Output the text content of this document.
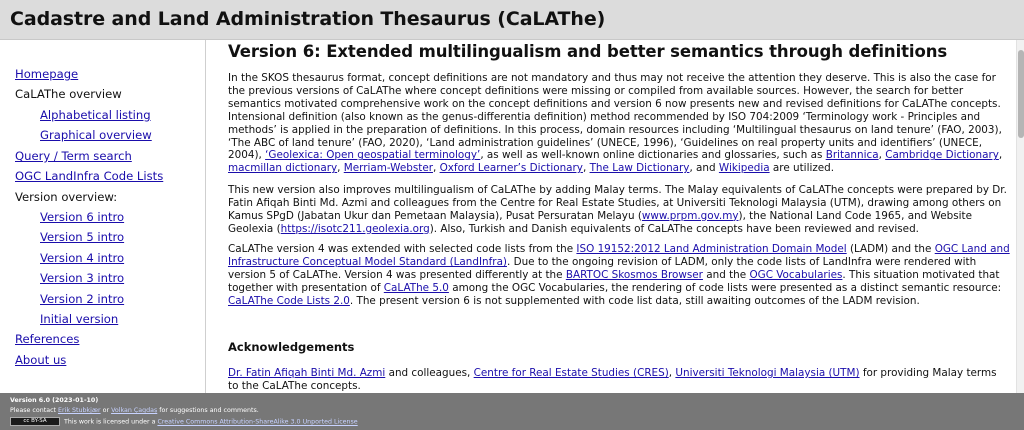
Cadastre and Land Administration Thesaurus (CaLAThe)
Homepage
CaLAThe overview
Alphabetical listing
Graphical overview
Query / Term search
OGC LandInfra Code Lists
Version overview:
Version 6 intro
Version 5 intro
Version 4 intro
Version 3 intro
Version 2 intro
Initial version
References
About us
Version 6: Extended multilingualism and better semantics through definitions

In the SKOS thesaurus format, concept definitions are not mandatory and thus may not receive the attention they deserve. This is also the case for the previous versions of CaLAThe where concept definitions were missing or compiled from available sources. However, the search for better semantics motivated comprehensive work on the concept definitions and version 6 now presents new and revised definitions for CaLAThe concepts. Intensional definition (also known as the genus-differentia definition) method recommended by ISO 704:2009 ‘Terminology work - Principles and methods’ is applied in the preparation of definitions. In this process, domain resources including ‘Multilingual thesaurus on land tenure’ (FAO, 2003), ‘The ABC of land tenure’ (FAO, 2020), ‘Land administration guidelines’ (UNECE, 1996), ‘Guidelines on real property units and identifiers’ (UNECE, 2004), ‘Geolexica: Open geospatial terminology’, as well as well-known online dictionaries and glossaries, such as Britannica, Cambridge Dictionary, macmillan dictionary, Merriam-Webster, Oxford Learner’s Dictionary, The Law Dictionary, and Wikipedia are utilized.

This new version also improves multilingualism of CaLAThe by adding Malay terms. The Malay equivalents of CaLAThe concepts were prepared by Dr. Fatin Afiqah Binti Md. Azmi and colleagues from the Centre for Real Estate Studies, at Universiti Teknologi Malaysia (UTM), drawing among others on Kamus SPgD (Jabatan Ukur dan Pemetaan Malaysia), Pusat Persuratan Melayu (www.prpm.gov.my), the National Land Code 1965, and Website Geolexia (https://isotc211.geolexia.org). Also, Turkish and Danish equivalents of CaLAThe concepts have been reviewed and revised.

CaLAThe version 4 was extended with selected code lists from the ISO 19152:2012 Land Administration Domain Model (LADM) and the OGC Land and Infrastructure Conceptual Model Standard (LandInfra). Due to the ongoing revision of LADM, only the code lists of LandInfra were rendered with version 5 of CaLAThe. Version 4 was presented differently at the BARTOC Skosmos Browser and the OGC Vocabularies. This situation motivated that together with presentation of CaLAThe 5.0 among the OGC Vocabularies, the rendering of code lists were presented as a distinct semantic resource: CaLAThe Code Lists 2.0. The present version 6 is not supplemented with code list data, still awaiting outcomes of the LADM revision.

Acknowledgements

Dr. Fatin Afiqah Binti Md. Azmi and colleagues, Centre for Real Estate Studies (CRES), Universiti Teknologi Malaysia (UTM) for providing Malay terms to the CaLAThe concepts.

Version 6.0 (2023-01-10)
Please contact Erik Stubkjær or Volkan Çagdaş for suggestions and comments.
cc BY-SA	This work is licensed under a Creative Commons Attribution-ShareAlike 3.0 Unported License
